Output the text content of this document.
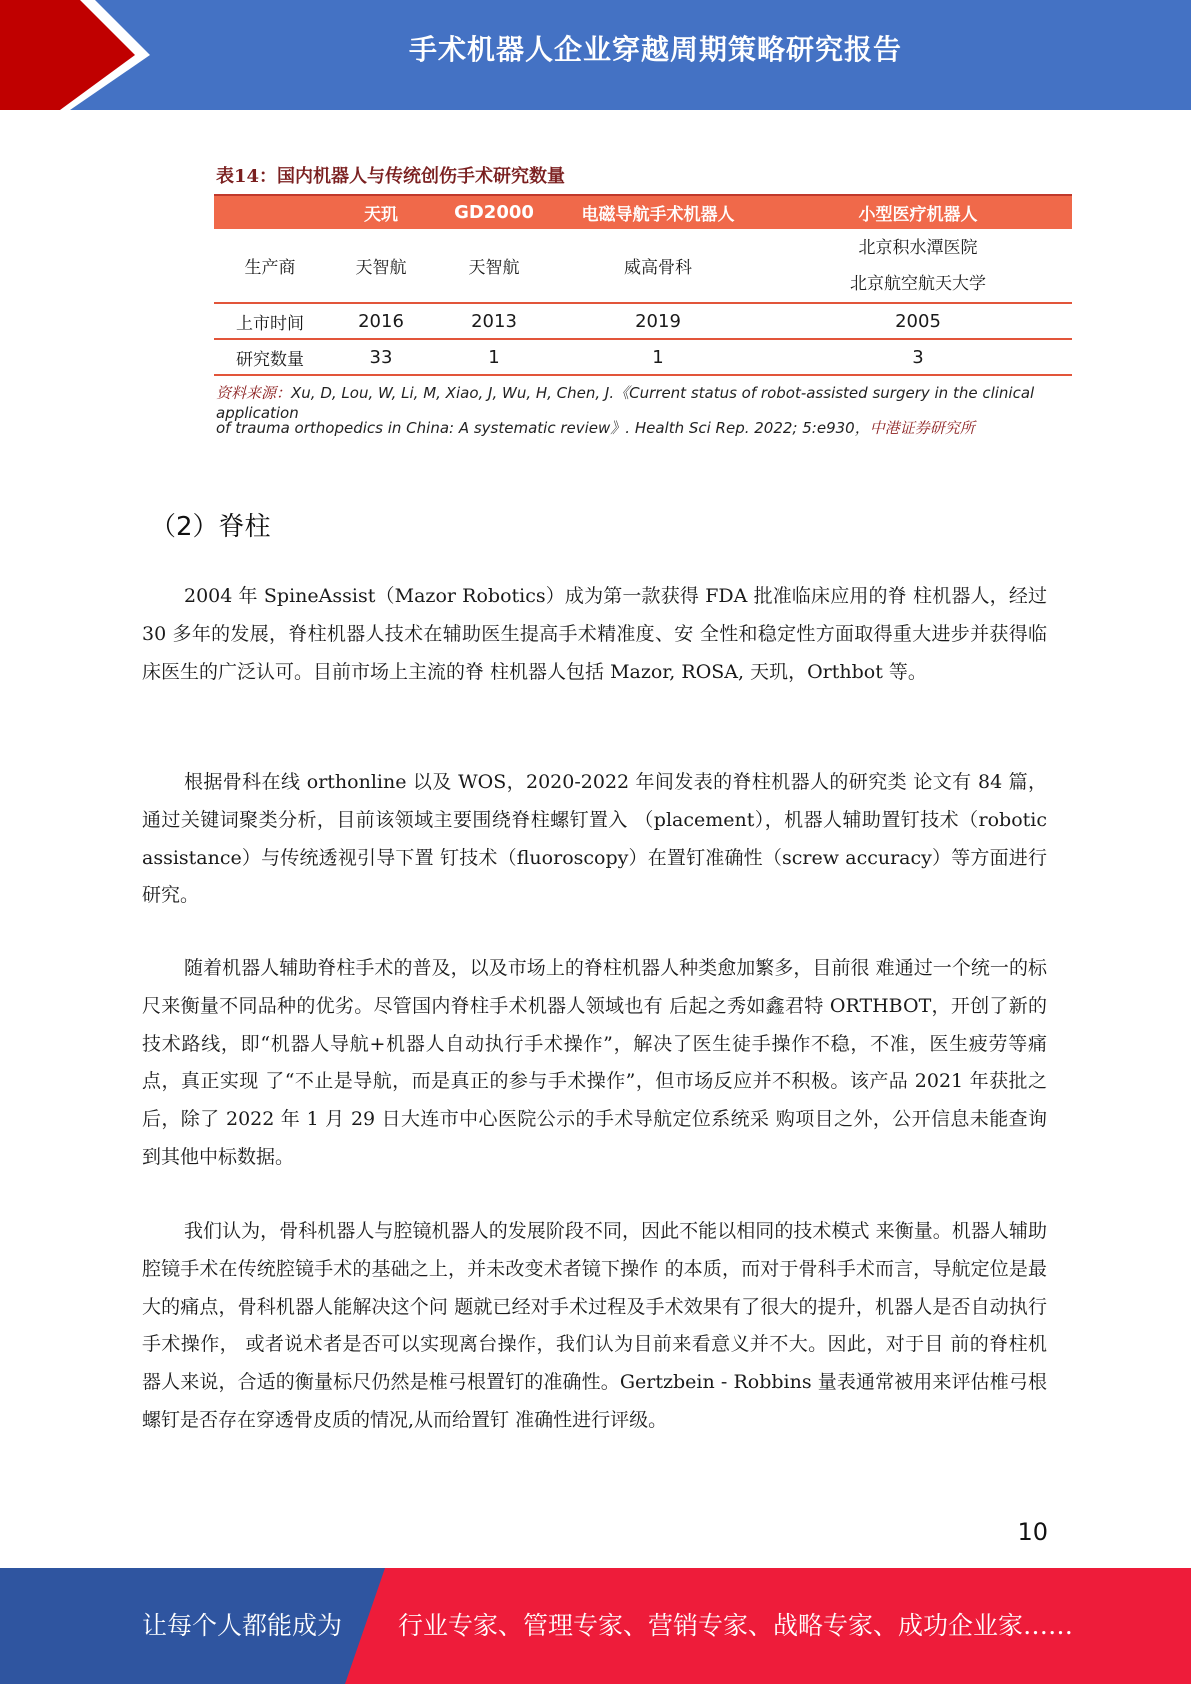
手术机器人企业穿越周期策略研究报告
表14：国内机器人与传统创伤手术研究数量
	天玑	GD2000	电磁导航手术机器人	小型医疗机器人
生产商	天智航	天智航	威高骨科	北京积水潭医院
北京航空航天大学

上市时间	2016	2013	2019	2005
研究数量	33	1	1	3
资料来源：Xu, D, Lou, W, Li, M, Xiao, J, Wu, H, Chen, J.《Current status of robot-assisted surgery in the clinical application
of trauma orthopedics in China: A systematic review》. Health Sci Rep. 2022; 5:e930，中港证券研究所
（2）脊柱

2004 年 SpineAssist（Mazor Robotics）成为第一款获得 FDA 批准临床应用的脊 柱机器人，经过 30 多年的发展，脊柱机器人技术在辅助医生提高手术精准度、安 全性和稳定性方面取得重大进步并获得临床医生的广泛认可。目前市场上主流的脊 柱机器人包括 Mazor, ROSA, 天玑，Orthbot 等。

根据骨科在线 orthonline 以及 WOS，2020-2022 年间发表的脊柱机器人的研究类 论文有 84 篇，通过关键词聚类分析，目前该领域主要围绕脊柱螺钉置入 （placement），机器人辅助置钉技术（robotic assistance）与传统透视引导下置 钉技术（fluoroscopy）在置钉准确性（screw accuracy）等方面进行研究。

随着机器人辅助脊柱手术的普及，以及市场上的脊柱机器人种类愈加繁多，目前很 难通过一个统一的标尺来衡量不同品种的优劣。尽管国内脊柱手术机器人领域也有 后起之秀如鑫君特 ORTHBOT，开创了新的技术路线，即“机器人导航+机器人自动执行手术操作”，解决了医生徒手操作不稳，不准，医生疲劳等痛点，真正实现 了“不止是导航，而是真正的参与手术操作”，但市场反应并不积极。该产品 2021 年获批之后，除了 2022 年 1 月 29 日大连市中心医院公示的手术导航定位系统采 购项目之外，公开信息未能查询到其他中标数据。

我们认为，骨科机器人与腔镜机器人的发展阶段不同，因此不能以相同的技术模式 来衡量。机器人辅助腔镜手术在传统腔镜手术的基础之上，并未改变术者镜下操作 的本质，而对于骨科手术而言，导航定位是最大的痛点，骨科机器人能解决这个问 题就已经对手术过程及手术效果有了很大的提升，机器人是否自动执行手术操作， 或者说术者是否可以实现离台操作，我们认为目前来看意义并不大。因此，对于目 前的脊柱机器人来说，合适的衡量标尺仍然是椎弓根置钉的准确性。Gertzbein - Robbins 量表通常被用来评估椎弓根螺钉是否存在穿透骨皮质的情况,从而给置钉 准确性进行评级。

10
让每个人都能成为 行业专家、管理专家、营销专家、战略专家、成功企业家……
